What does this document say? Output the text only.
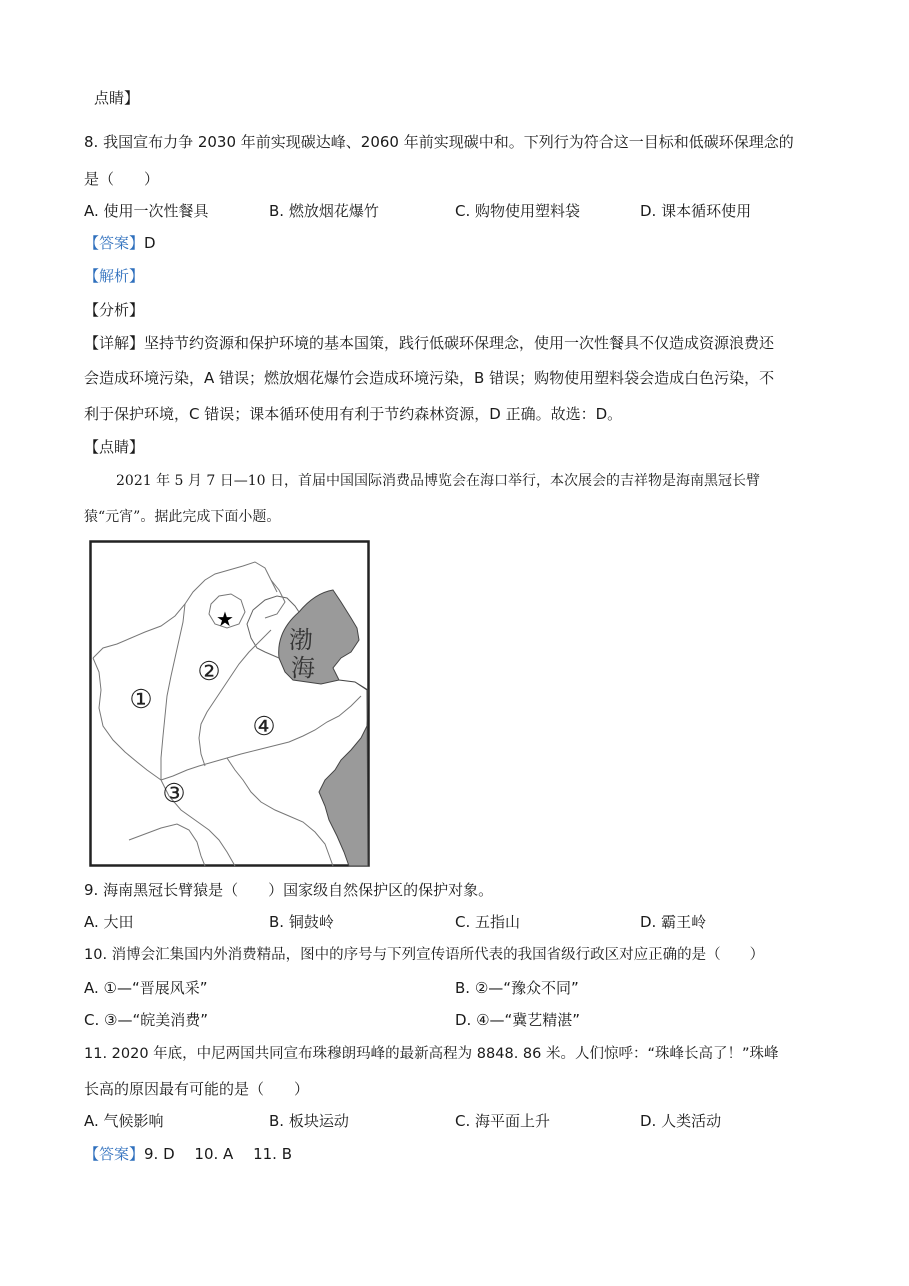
点睛】
8. 我国宣布力争 2030 年前实现碳达峰、2060 年前实现碳中和。下列行为符合这一目标和低碳环保理念的
是（　　）
A. 使用一次性餐具	B. 燃放烟花爆竹	C. 购物使用塑料袋	D. 课本循环使用
【答案】D
【解析】
【分析】
【详解】坚持节约资源和保护环境的基本国策，践行低碳环保理念，使用一次性餐具不仅造成资源浪费还
会造成环境污染，A 错误；燃放烟花爆竹会造成环境污染，B 错误；购物使用塑料袋会造成白色污染，不
利于保护环境，C 错误；课本循环使用有利于节约森林资源，D 正确。故选：D。
【点睛】
2021 年 5 月 7 日—10 日，首届中国国际消费品博览会在海口举行，本次展会的吉祥物是海南黑冠长臂
猿“元宵”。据此完成下面小题。
★
渤
海
①
②
③
④
9. 海南黑冠长臂猿是（　　）国家级自然保护区的保护对象。
A. 大田	B. 铜鼓岭	C. 五指山	D. 霸王岭
10. 消博会汇集国内外消费精品，图中的序号与下列宣传语所代表的我国省级行政区对应正确的是（　　）
A. ①—“晋展风采”	B. ②—“豫众不同”
C. ③—“皖美消费”	D. ④—“冀艺精湛”
11. 2020 年底，中尼两国共同宣布珠穆朗玛峰的最新高程为 8848. 86 米。人们惊呼：“珠峰长高了！”珠峰
长高的原因最有可能的是（　　）
A. 气候影响	B. 板块运动	C. 海平面上升	D. 人类活动
【答案】9. D　 10. A　 11. B
